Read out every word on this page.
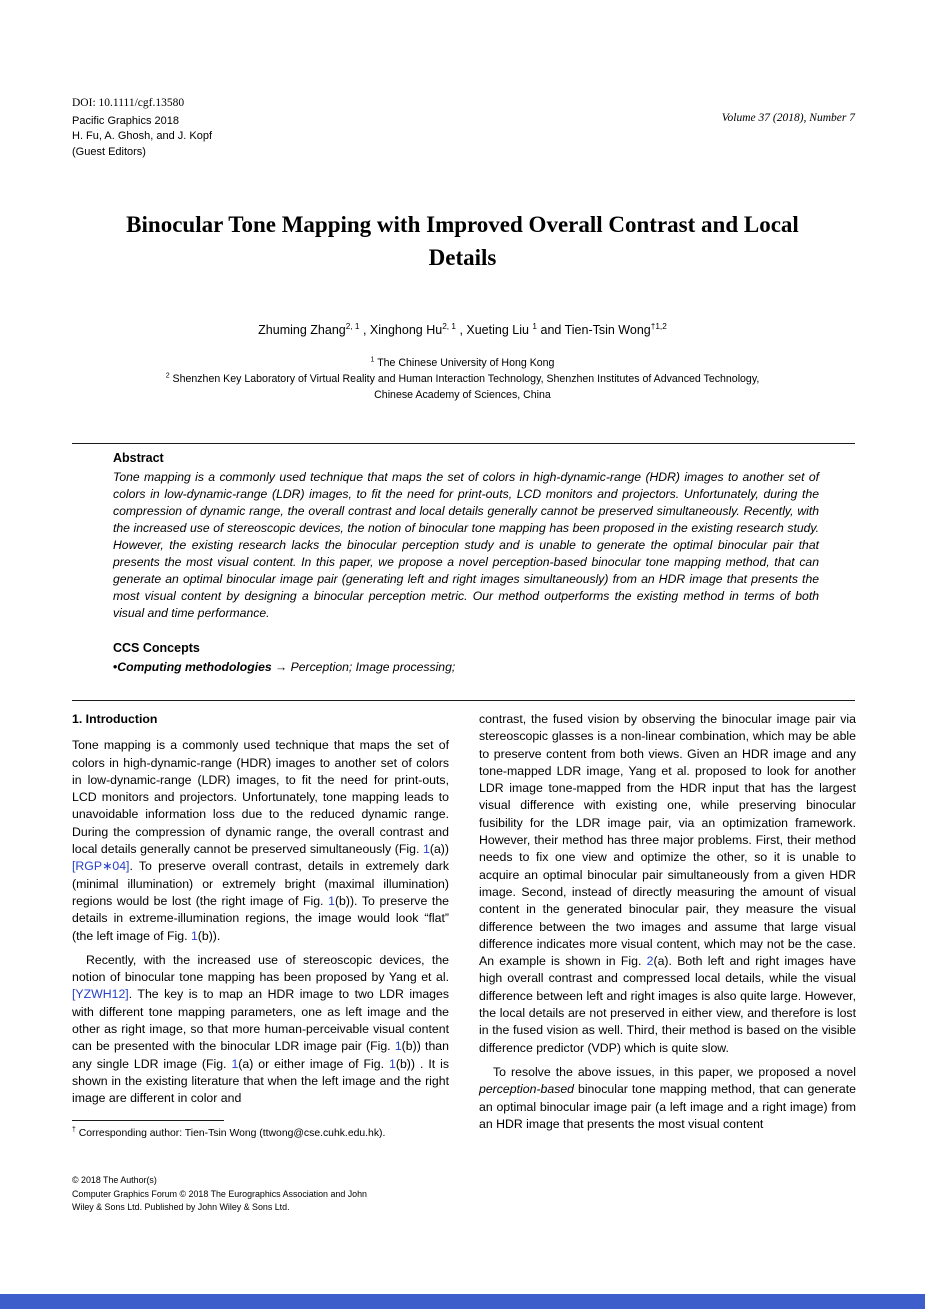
DOI: 10.1111/cgf.13580
Pacific Graphics 2018
H. Fu, A. Ghosh, and J. Kopf
(Guest Editors)
Volume 37 (2018), Number 7
Binocular Tone Mapping with Improved Overall Contrast and Local Details
Zhuming Zhang$^{2, 1}$ , Xinghong Hu$^{2, 1}$ , Xueting Liu $^1$ and Tien-Tsin Wong$^{\dagger 1,2}$
$^1$ The Chinese University of Hong Kong
$^2$ Shenzhen Key Laboratory of Virtual Reality and Human Interaction Technology, Shenzhen Institutes of Advanced Technology,
Chinese Academy of Sciences, China
Abstract

Tone mapping is a commonly used technique that maps the set of colors in high-dynamic-range (HDR) images to another set of colors in low-dynamic-range (LDR) images, to fit the need for print-outs, LCD monitors and projectors. Unfortunately, during the compression of dynamic range, the overall contrast and local details generally cannot be preserved simultaneously. Recently, with the increased use of stereoscopic devices, the notion of binocular tone mapping has been proposed in the existing research study. However, the existing research lacks the binocular perception study and is unable to generate the optimal binocular pair that presents the most visual content. In this paper, we propose a novel perception-based binocular tone mapping method, that can generate an optimal binocular image pair (generating left and right images simultaneously) from an HDR image that presents the most visual content by designing a binocular perception metric. Our method outperforms the existing method in terms of both visual and time performance.

CCS Concepts
•Computing methodologies → Perception; Image processing;
1. Introduction

Tone mapping is a commonly used technique that maps the set of colors in high-dynamic-range (HDR) images to another set of colors in low-dynamic-range (LDR) images, to fit the need for print-outs, LCD monitors and projectors. Unfortunately, tone mapping leads to unavoidable information loss due to the reduced dynamic range. During the compression of dynamic range, the overall contrast and local details generally cannot be preserved simultaneously (Fig. 1(a))[RGP∗04]. To preserve overall contrast, details in extremely dark (minimal illumination) or extremely bright (maximal illumination) regions would be lost (the right image of Fig. 1(b)). To preserve the details in extreme-illumination regions, the image would look “flat” (the left image of Fig. 1(b)).

Recently, with the increased use of stereoscopic devices, the notion of binocular tone mapping has been proposed by Yang et al. [YZWH12]. The key is to map an HDR image to two LDR images with different tone mapping parameters, one as left image and the other as right image, so that more human-perceivable visual content can be presented with the binocular LDR image pair (Fig. 1(b)) than any single LDR image (Fig. 1(a) or either image of Fig. 1(b)) . It is shown in the existing literature that when the left image and the right image are different in color and

contrast, the fused vision by observing the binocular image pair via stereoscopic glasses is a non-linear combination, which may be able to preserve content from both views. Given an HDR image and any tone-mapped LDR image, Yang et al. proposed to look for another LDR image tone-mapped from the HDR input that has the largest visual difference with existing one, while preserving binocular fusibility for the LDR image pair, via an optimization framework. However, their method has three major problems. First, their method needs to fix one view and optimize the other, so it is unable to acquire an optimal binocular pair simultaneously from a given HDR image. Second, instead of directly measuring the amount of visual content in the generated binocular pair, they measure the visual difference between the two images and assume that large visual difference indicates more visual content, which may not be the case. An example is shown in Fig. 2(a). Both left and right images have high overall contrast and compressed local details, while the visual difference between left and right images is also quite large. However, the local details are not preserved in either view, and therefore is lost in the fused vision as well. Third, their method is based on the visible difference predictor (VDP) which is quite slow.

To resolve the above issues, in this paper, we proposed a novel perception-based binocular tone mapping method, that can generate an optimal binocular image pair (a left image and a right image) from an HDR image that presents the most visual content

† Corresponding author: Tien-Tsin Wong (ttwong@cse.cuhk.edu.hk).
© 2018 The Author(s)
Computer Graphics Forum © 2018 The Eurographics Association and John
Wiley & Sons Ltd. Published by John Wiley & Sons Ltd.
